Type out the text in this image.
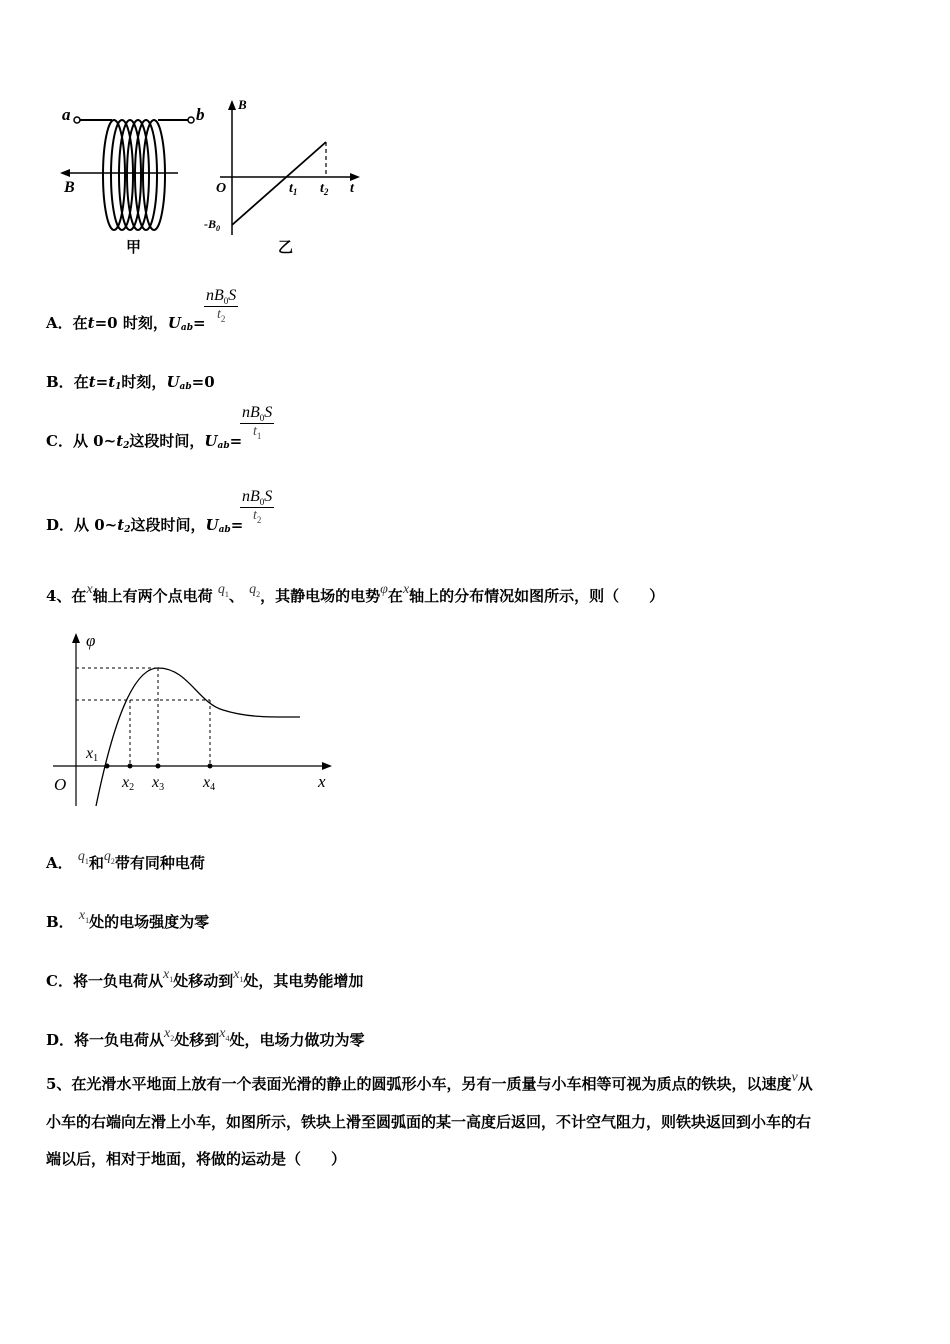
a	b
B
甲
B
t
O	$t_1$ $t_2$
$-B_0$
乙
A．在t=0 时刻，$U_{ab}=$
$\frac{nB_0S}{t_2}$
B．在$t=t_1$时刻，$U_{ab}=0$
C．从 $0\sim t_2$这段时间，$U_{ab}=$
$\frac{nB_0S}{t_1}$
D．从 $0\sim t_2$这段时间，$U_{ab}=$
$\frac{nB_0S}{t_2}$
4、在x轴上有两个点电荷 $q_1$、 $q_2$，其静电场的电势φ在x轴上的分布情况如图所示，则（　　）
φ
O	x
x1
x2 x3 x4
A． $q_1$和$q_2$带有同种电荷
B． $x_1$处的电场强度为零
C．将一负电荷从$x_1$处移动到$x_1$处，其电势能增加
D．将一负电荷从$x_2$处移到$x_4$处，电场力做功为零
5、在光滑水平地面上放有一个表面光滑的静止的圆弧形小车，另有一质量与小车相等可视为质点的铁块，以速度v从
小车的右端向左滑上小车，如图所示，铁块上滑至圆弧面的某一高度后返回，不计空气阻力，则铁块返回到小车的右
端以后，相对于地面，将做的运动是（　　）
